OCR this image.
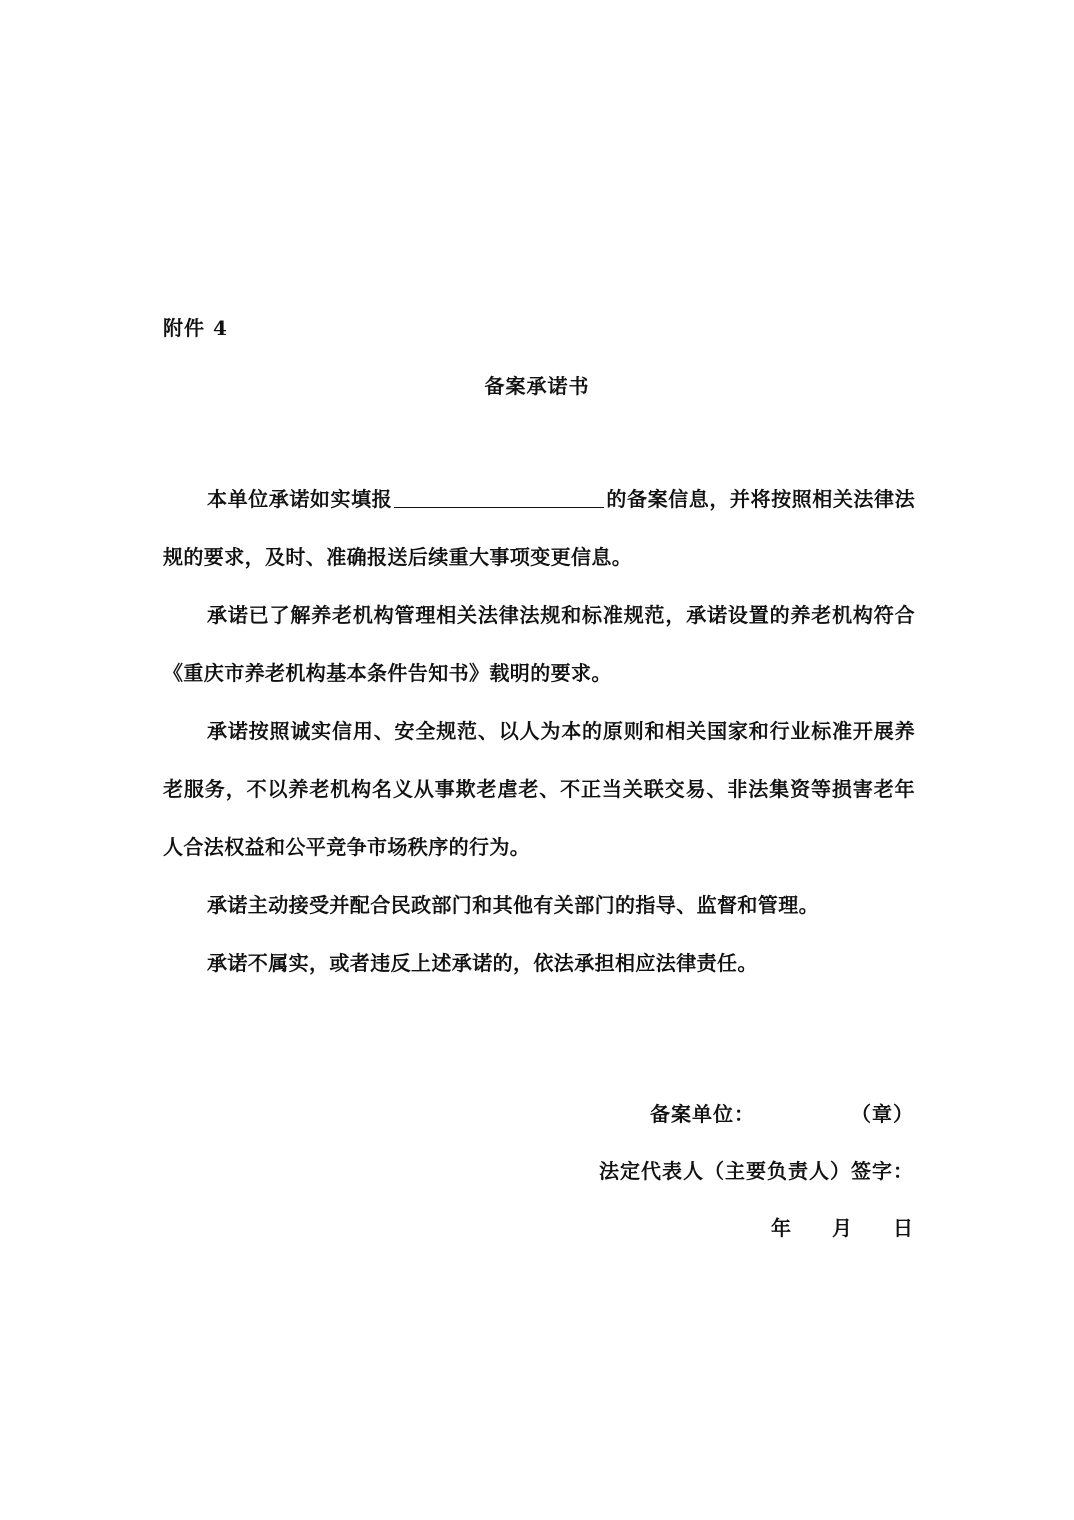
附件 4
备案承诺书

本单位承诺如实填报	的备案信息，并将按照相关法律法规的要求，及时、准确报送后续重大事项变更信息。

承诺已了解养老机构管理相关法律法规和标准规范，承诺设置的养老机构符合《重庆市养老机构基本条件告知书》载明的要求。

承诺按照诚实信用、安全规范、以人为本的原则和相关国家和行业标准开展养老服务，不以养老机构名义从事欺老虐老、不正当关联交易、非法集资等损害老年人合法权益和公平竞争市场秩序的行为。

承诺主动接受并配合民政部门和其他有关部门的指导、监督和管理。

承诺不属实，或者违反上述承诺的，依法承担相应法律责任。

备案单位：	（章）
法定代表人（主要负责人）签字：
年 月 日
